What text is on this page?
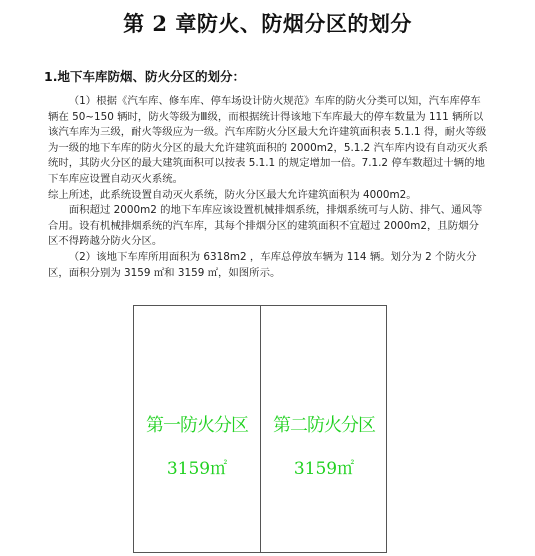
第 2 章防火、防烟分区的划分
1.地下车库防烟、防火分区的划分：

（1）根据《汽车库、修车库、停车场设计防火规范》车库的防火分类可以知，汽车库停车辆在 50~150 辆时，防火等级为Ⅲ级，而根据统计得该地下车库最大的停车数量为 111 辆所以该汽车库为三级，耐火等级应为一级。汽车库防火分区最大允许建筑面积表 5.1.1 得，耐火等级为一级的地下车库的防火分区的最大允许建筑面积的 2000m2，5.1.2 汽车库内设有自动灭火系统时，其防火分区的最大建筑面积可以按表 5.1.1 的规定增加一倍。7.1.2 停车数超过十辆的地下车库应设置自动灭火系统。

综上所述，此系统设置自动灭火系统，防火分区最大允许建筑面积为 4000m2。

面积超过 2000m2 的地下车库应该设置机械排烟系统，排烟系统可与人防、排气、通风等合用。设有机械排烟系统的汽车库，其每个排烟分区的建筑面积不宜超过 2000m2，且防烟分区不得跨越分防火分区。

（2）该地下车库所用面积为 6318m2 ，车库总停放车辆为 114 辆。划分为 2 个防火分区，面积分别为 3159 ㎡和 3159 ㎡，如图所示。

第一防火分区
3159㎡
第二防火分区
3159㎡
